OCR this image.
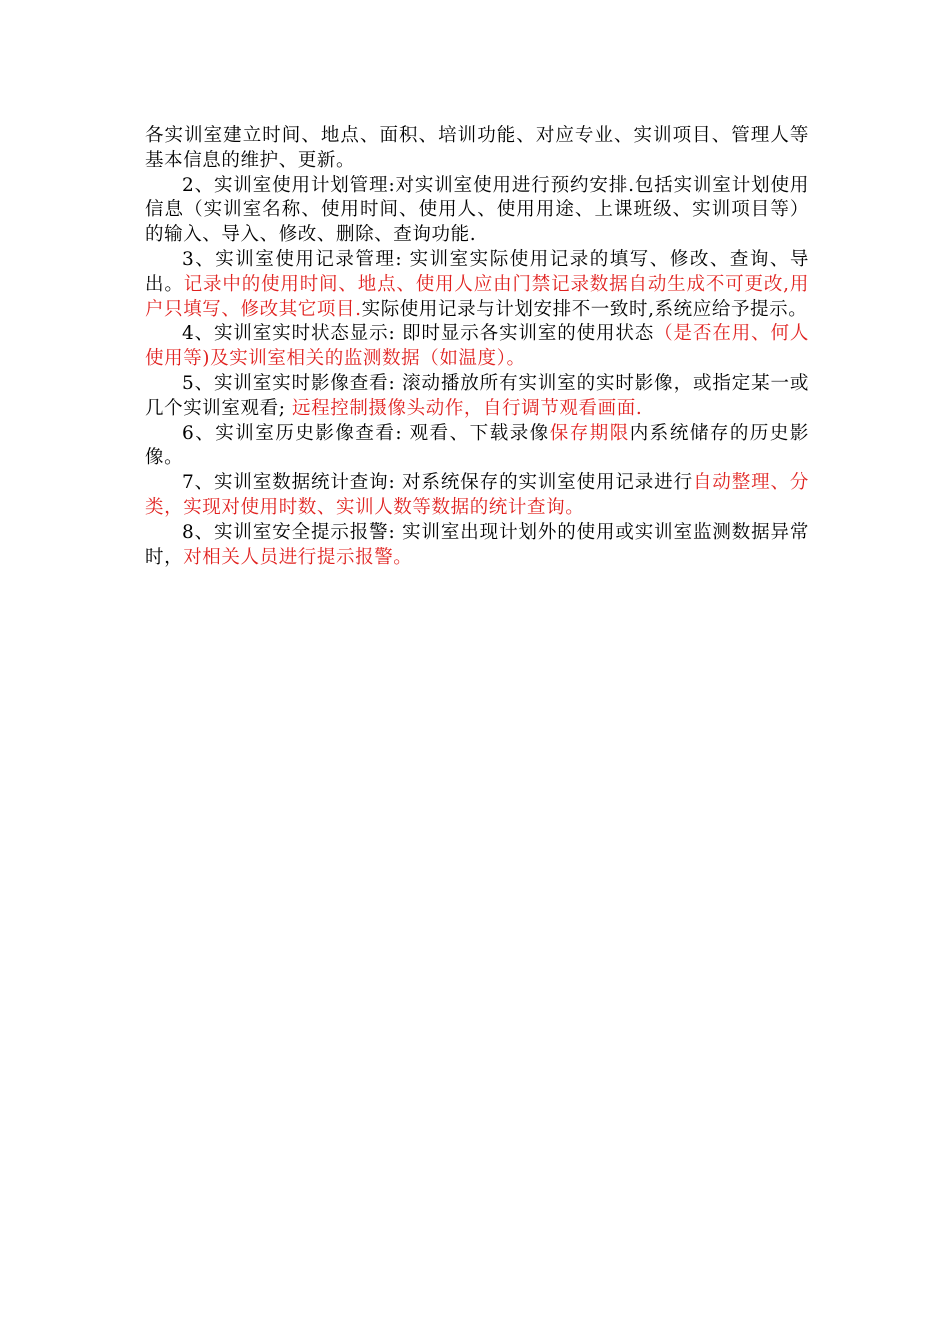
各实训室建立时间、地点、面积、培训功能、对应专业、实训项目、管理人等基本信息的维护、更新。

2、实训室使用计划管理:对实训室使用进行预约安排.包括实训室计划使用信息（实训室名称、使用时间、使用人、使用用途、上课班级、实训项目等）的输入、导入、修改、删除、查询功能.

3、实训室使用记录管理: 实训室实际使用记录的填写、修改、查询、导出。记录中的使用时间、地点、使用人应由门禁记录数据自动生成不可更改,用户只填写、修改其它项目.实际使用记录与计划安排不一致时,系统应给予提示。

4、实训室实时状态显示: 即时显示各实训室的使用状态（是否在用、何人使用等)及实训室相关的监测数据（如温度）。

5、实训室实时影像查看: 滚动播放所有实训室的实时影像，或指定某一或几个实训室观看; 远程控制摄像头动作，自行调节观看画面.

6、实训室历史影像查看: 观看、下载录像保存期限内系统储存的历史影像。

7、实训室数据统计查询: 对系统保存的实训室使用记录进行自动整理、分类，实现对使用时数、实训人数等数据的统计查询。

8、实训室安全提示报警: 实训室出现计划外的使用或实训室监测数据异常时，对相关人员进行提示报警。
